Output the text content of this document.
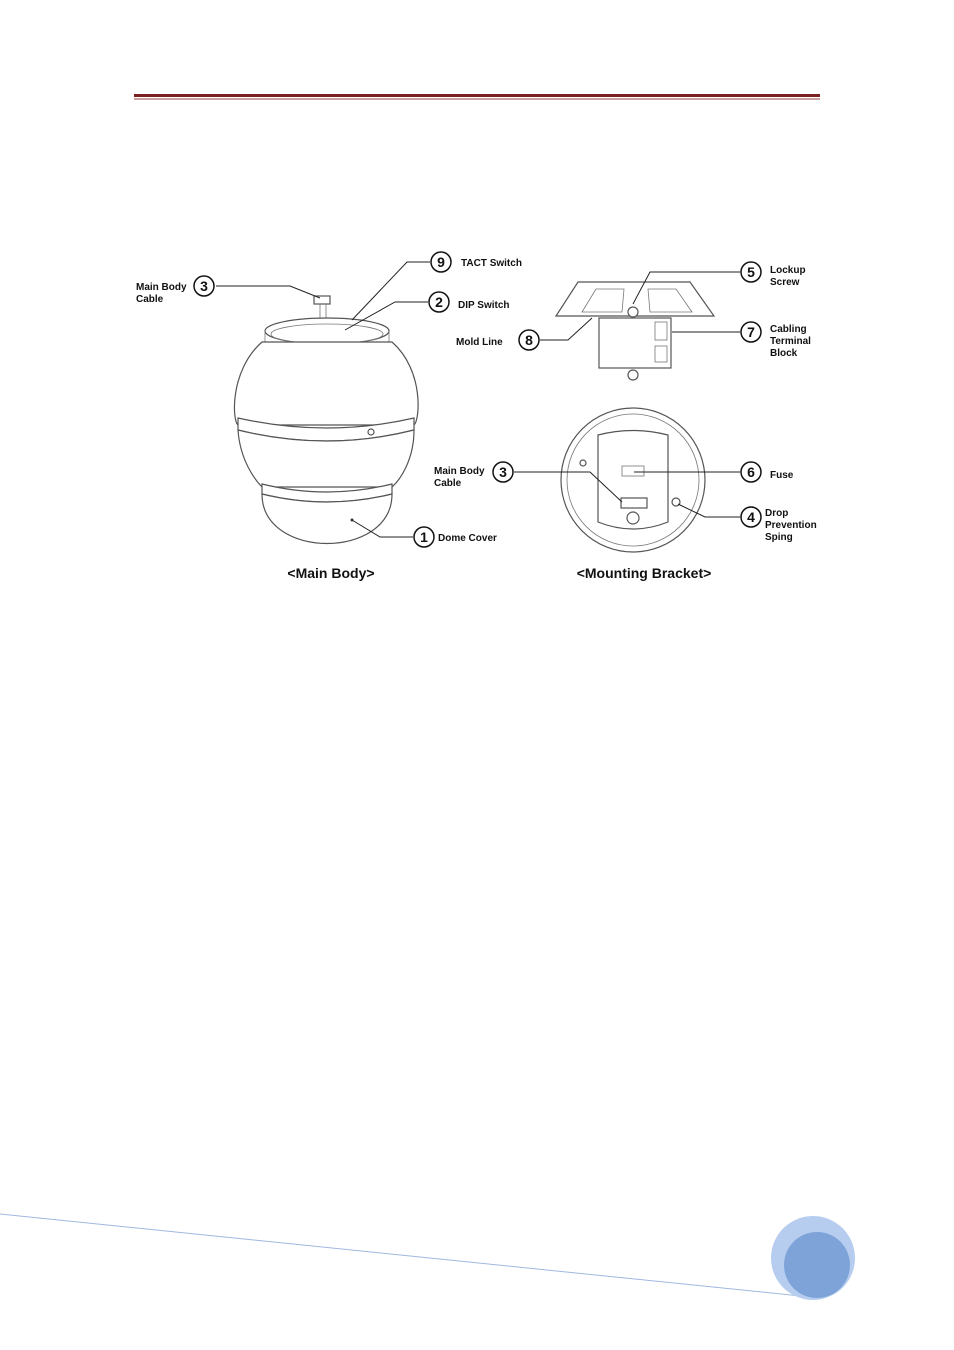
9 TACT Switch
3
Main Body
Cable	2 DIP Switch
1 Dome Cover
5 Lockup
Screw
8
Mold Line
7 Cabling
Terminal
Block
3
Main Body
Cable
6 Fuse
4 Drop
Prevention
Sping
<Main Body>	<Mounting Bracket>
